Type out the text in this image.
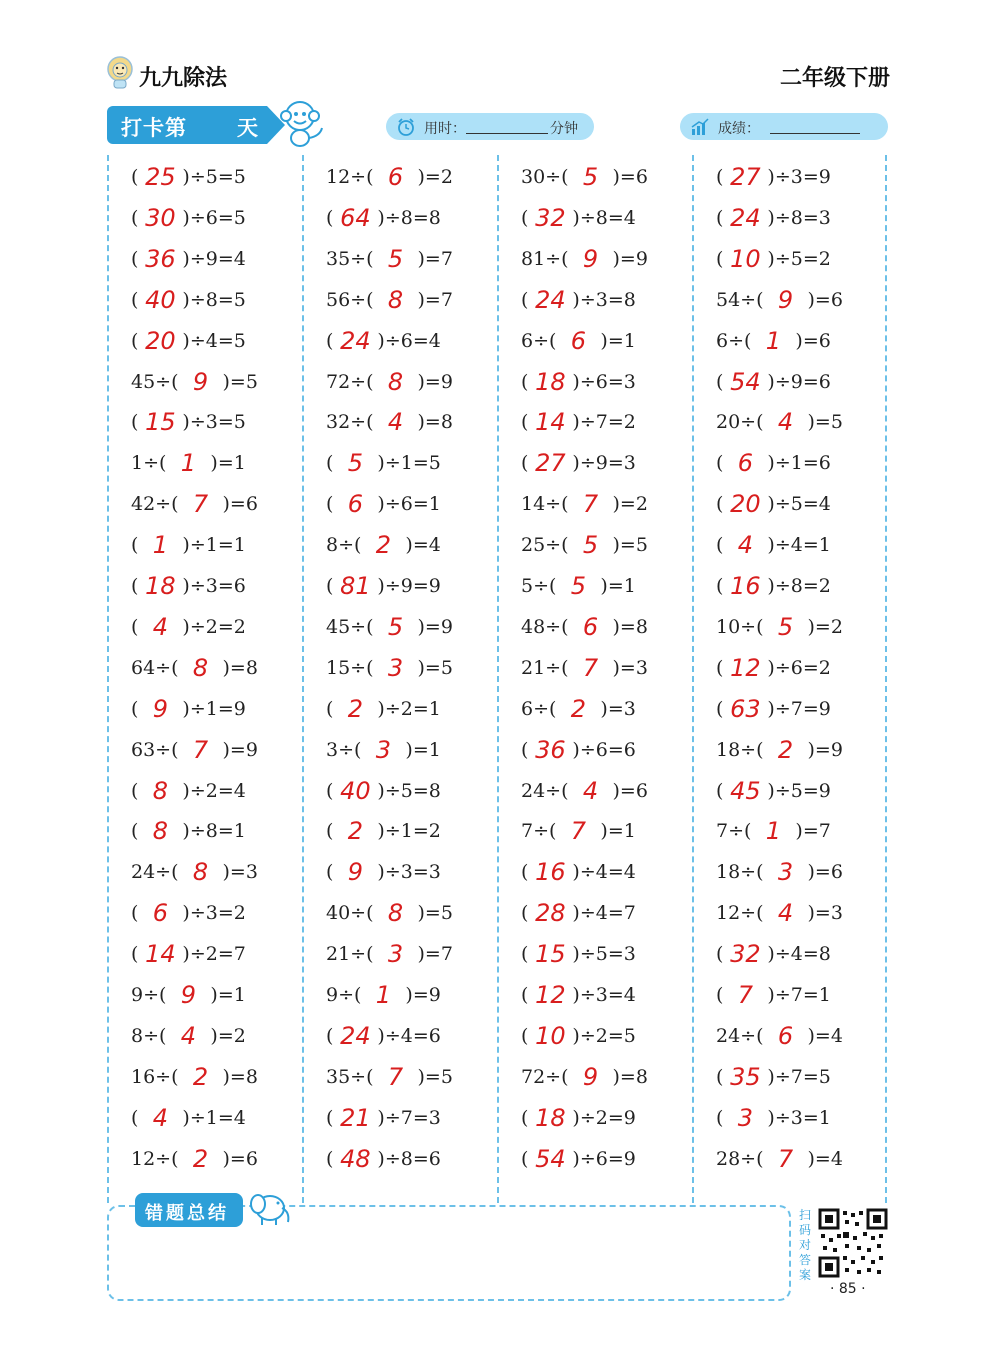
九九除法	二年级下册
打卡第 天	用时：	分钟	成绩：
( 25 )÷5=5
( 30 )÷6=5
( 36 )÷9=4
( 40 )÷8=5
( 20 )÷4=5
45÷( 9 )=5
( 15 )÷3=5
1÷( 1 )=1
42÷( 7 )=6
( 1 )÷1=1
( 18 )÷3=6
( 4 )÷2=2
64÷( 8 )=8
( 9 )÷1=9
63÷( 7 )=9
( 8 )÷2=4
( 8 )÷8=1
24÷( 8 )=3
( 6 )÷3=2
( 14 )÷2=7
9÷( 9 )=1
8÷( 4 )=2
16÷( 2 )=8
( 4 )÷1=4
12÷( 2 )=6
12÷( 6 )=2
( 64 )÷8=8
35÷( 5 )=7
56÷( 8 )=7
( 24 )÷6=4
72÷( 8 )=9
32÷( 4 )=8
( 5 )÷1=5
( 6 )÷6=1
8÷( 2 )=4
( 81 )÷9=9
45÷( 5 )=9
15÷( 3 )=5
( 2 )÷2=1
3÷( 3 )=1
( 40 )÷5=8
( 2 )÷1=2
( 9 )÷3=3
40÷( 8 )=5
21÷( 3 )=7
9÷( 1 )=9
( 24 )÷4=6
35÷( 7 )=5
( 21 )÷7=3
( 48 )÷8=6
30÷( 5 )=6
( 32 )÷8=4
81÷( 9 )=9
( 24 )÷3=8
6÷( 6 )=1
( 18 )÷6=3
( 14 )÷7=2
( 27 )÷9=3
14÷( 7 )=2
25÷( 5 )=5
5÷( 5 )=1
48÷( 6 )=8
21÷( 7 )=3
6÷( 2 )=3
( 36 )÷6=6
24÷( 4 )=6
7÷( 7 )=1
( 16 )÷4=4
( 28 )÷4=7
( 15 )÷5=3
( 12 )÷3=4
( 10 )÷2=5
72÷( 9 )=8
( 18 )÷2=9
( 54 )÷6=9
( 27 )÷3=9
( 24 )÷8=3
( 10 )÷5=2
54÷( 9 )=6
6÷( 1 )=6
( 54 )÷9=6
20÷( 4 )=5
( 6 )÷1=6
( 20 )÷5=4
( 4 )÷4=1
( 16 )÷8=2
10÷( 5 )=2
( 12 )÷6=2
( 63 )÷7=9
18÷( 2 )=9
( 45 )÷5=9
7÷( 1 )=7
18÷( 3 )=6
12÷( 4 )=3
( 32 )÷4=8
( 7 )÷7=1
24÷( 6 )=4
( 35 )÷7=5
( 3 )÷3=1
28÷( 7 )=4
错题总结	扫码对答案
· 85 ·
